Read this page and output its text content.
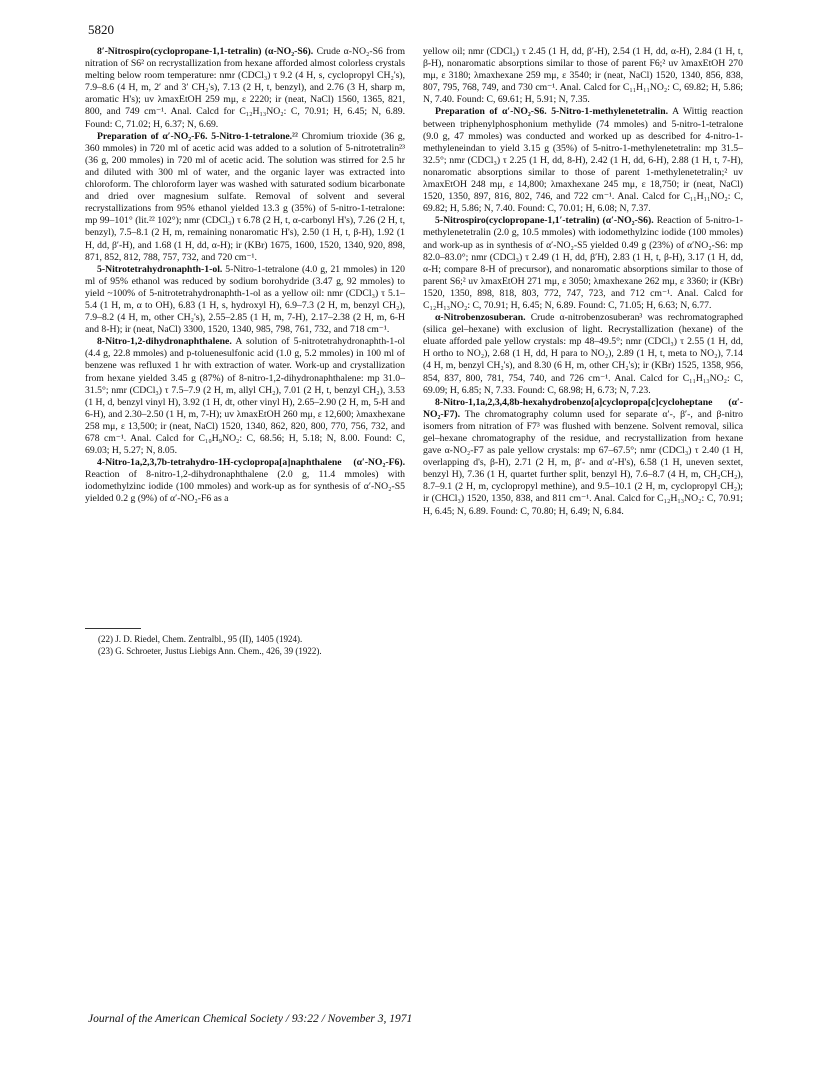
5820

8′-Nitrospiro(cyclopropane-1,1-tetralin) (α-NO₂-S6). Crude α-NO₂-S6 from nitration of S6² on recrystallization from hexane afforded almost colorless crystals melting below room temperature: nmr (CDCl₃) τ 9.2 (4 H, s, cyclopropyl CH₂'s), 7.9–8.6 (4 H, m, 2′ and 3′ CH₂'s), 7.13 (2 H, t, benzyl), and 2.76 (3 H, sharp m, aromatic H's); uv λmaxEtOH 259 mμ, ε 2220; ir (neat, NaCl) 1560, 1365, 821, 800, and 749 cm⁻¹. Anal. Calcd for C₁₂H₁₃NO₂: C, 70.91; H, 6.45; N, 6.89. Found: C, 71.02; H, 6.37; N, 6.69.

Preparation of α′-NO₂-F6. 5-Nitro-1-tetralone.²² Chromium trioxide (36 g, 360 mmoles) in 720 ml of acetic acid was added to a solution of 5-nitrotetralin²³ (36 g, 200 mmoles) in 720 ml of acetic acid. The solution was stirred for 2.5 hr and diluted with 300 ml of water, and the organic layer was extracted into chloroform. The chloroform layer was washed with saturated sodium bicarbonate and dried over magnesium sulfate. Removal of solvent and several recrystallizations from 95% ethanol yielded 13.3 g (35%) of 5-nitro-1-tetralone: mp 99–101° (lit.²² 102°); nmr (CDCl₃) τ 6.78 (2 H, t, α-carbonyl H's), 7.26 (2 H, t, benzyl), 7.5–8.1 (2 H, m, remaining nonaromatic H's), 2.50 (1 H, t, β-H), 1.92 (1 H, dd, β′-H), and 1.68 (1 H, dd, α-H); ir (KBr) 1675, 1600, 1520, 1340, 920, 898, 871, 852, 812, 788, 757, 732, and 720 cm⁻¹.

5-Nitrotetrahydronaphth-1-ol. 5-Nitro-1-tetralone (4.0 g, 21 mmoles) in 120 ml of 95% ethanol was reduced by sodium borohydride (3.47 g, 92 mmoles) to yield ~100% of 5-nitrotetrahydronaphth-1-ol as a yellow oil: nmr (CDCl₃) τ 5.1–5.4 (1 H, m, α to OH), 6.83 (1 H, s, hydroxyl H), 6.9–7.3 (2 H, m, benzyl CH₂), 7.9–8.2 (4 H, m, other CH₂'s), 2.55–2.85 (1 H, m, 7-H), 2.17–2.38 (2 H, m, 6-H and 8-H); ir (neat, NaCl) 3300, 1520, 1340, 985, 798, 761, 732, and 718 cm⁻¹.

8-Nitro-1,2-dihydronaphthalene. A solution of 5-nitrotetrahydronaphth-1-ol (4.4 g, 22.8 mmoles) and p-toluenesulfonic acid (1.0 g, 5.2 mmoles) in 100 ml of benzene was refluxed 1 hr with extraction of water. Work-up and crystallization from hexane yielded 3.45 g (87%) of 8-nitro-1,2-dihydronaphthalene: mp 31.0–31.5°; nmr (CDCl₃) τ 7.5–7.9 (2 H, m, allyl CH₂), 7.01 (2 H, t, benzyl CH₂), 3.53 (1 H, d, benzyl vinyl H), 3.92 (1 H, dt, other vinyl H), 2.65–2.90 (2 H, m, 5-H and 6-H), and 2.30–2.50 (1 H, m, 7-H); uv λmaxEtOH 260 mμ, ε 12,600; λmaxhexane 258 mμ, ε 13,500; ir (neat, NaCl) 1520, 1340, 862, 820, 800, 770, 756, 732, and 678 cm⁻¹. Anal. Calcd for C₁₀H₉NO₂: C, 68.56; H, 5.18; N, 8.00. Found: C, 69.03; H, 5.27; N, 8.05.

4-Nitro-1a,2,3,7b-tetrahydro-1H-cyclopropa[a]naphthalene (α′-NO₂-F6). Reaction of 8-nitro-1,2-dihydronaphthalene (2.0 g, 11.4 mmoles) with iodomethylzinc iodide (100 mmoles) and work-up as for synthesis of α′-NO₂-S5 yielded 0.2 g (9%) of α′-NO₂-F6 as a

(22) J. D. Riedel, Chem. Zentralbl., 95 (II), 1405 (1924).
(23) G. Schroeter, Justus Liebigs Ann. Chem., 426, 39 (1922).

yellow oil; nmr (CDCl₃) τ 2.45 (1 H, dd, β′-H), 2.54 (1 H, dd, α-H), 2.84 (1 H, t, β-H), nonaromatic absorptions similar to those of parent F6;² uv λmaxEtOH 270 mμ, ε 3180; λmaxhexane 259 mμ, ε 3540; ir (neat, NaCl) 1520, 1340, 856, 838, 807, 795, 768, 749, and 730 cm⁻¹. Anal. Calcd for C₁₁H₁₁NO₂: C, 69.82; H, 5.86; N, 7.40. Found: C, 69.61; H, 5.91; N, 7.35.

Preparation of α′-NO₂-S6. 5-Nitro-1-methylenetetralin. A Wittig reaction between triphenylphosphonium methylide (74 mmoles) and 5-nitro-1-tetralone (9.0 g, 47 mmoles) was conducted and worked up as described for 4-nitro-1-methyleneindan to yield 3.15 g (35%) of 5-nitro-1-methylenetetralin: mp 31.5–32.5°; nmr (CDCl₃) τ 2.25 (1 H, dd, 8-H), 2.42 (1 H, dd, 6-H), 2.88 (1 H, t, 7-H), nonaromatic absorptions similar to those of parent 1-methylenetetralin;² uv λmaxEtOH 248 mμ, ε 14,800; λmaxhexane 245 mμ, ε 18,750; ir (neat, NaCl) 1520, 1350, 897, 816, 802, 746, and 722 cm⁻¹. Anal. Calcd for C₁₁H₁₁NO₂: C, 69.82; H, 5.86; N, 7.40. Found: C, 70.01; H, 6.08; N, 7.37.

5-Nitrospiro(cyclopropane-1,1′-tetralin) (α′-NO₂-S6). Reaction of 5-nitro-1-methylenetetralin (2.0 g, 10.5 mmoles) with iodomethylzinc iodide (100 mmoles) and work-up as in synthesis of α′-NO₂-S5 yielded 0.49 g (23%) of α′NO₂-S6: mp 82.0–83.0°; nmr (CDCl₃) τ 2.49 (1 H, dd, β′H), 2.83 (1 H, t, β-H), 3.17 (1 H, dd, α-H; compare 8-H of precursor), and nonaromatic absorptions similar to those of parent S6;² uv λmaxEtOH 271 mμ, ε 3050; λmaxhexane 262 mμ, ε 3360; ir (KBr) 1520, 1350, 898, 818, 803, 772, 747, 723, and 712 cm⁻¹. Anal. Calcd for C₁₂H₁₃NO₂: C, 70.91; H, 6.45; N, 6.89. Found: C, 71.05; H, 6.63; N, 6.77.

α-Nitrobenzosuberan. Crude α-nitrobenzosuberan³ was rechromatographed (silica gel–hexane) with exclusion of light. Recrystallization (hexane) of the eluate afforded pale yellow crystals: mp 48–49.5°; nmr (CDCl₃) τ 2.55 (1 H, dd, H ortho to NO₂), 2.68 (1 H, dd, H para to NO₂), 2.89 (1 H, t, meta to NO₂), 7.14 (4 H, m, benzyl CH₂'s), and 8.30 (6 H, m, other CH₂'s); ir (KBr) 1525, 1358, 956, 854, 837, 800, 781, 754, 740, and 726 cm⁻¹. Anal. Calcd for C₁₁H₁₃NO₂: C, 69.09; H, 6.85; N, 7.33. Found: C, 68.98; H, 6.73; N, 7.23.

8-Nitro-1,1a,2,3,4,8b-hexahydrobenzo[a]cyclopropa[c]cycloheptane (α′-NO₂-F7). The chromatography column used for separate α′-, β′-, and β-nitro isomers from nitration of F7³ was flushed with benzene. Solvent removal, silica gel–hexane chromatography of the residue, and recrystallization from hexane gave α-NO₂-F7 as pale yellow crystals: mp 67–67.5°; nmr (CDCl₃) τ 2.40 (1 H, overlapping d's, β-H), 2.71 (2 H, m, β′- and α′-H's), 6.58 (1 H, uneven sextet, benzyl H), 7.36 (1 H, quartet further split, benzyl H), 7.6–8.7 (4 H, m, CH₂CH₂), 8.7–9.1 (2 H, m, cyclopropyl methine), and 9.5–10.1 (2 H, m, cyclopropyl CH₂); ir (CHCl₃) 1520, 1350, 838, and 811 cm⁻¹. Anal. Calcd for C₁₂H₁₃NO₂: C, 70.91; H, 6.45; N, 6.89. Found: C, 70.80; H, 6.49; N, 6.84.

Journal of the American Chemical Society / 93:22 / November 3, 1971
